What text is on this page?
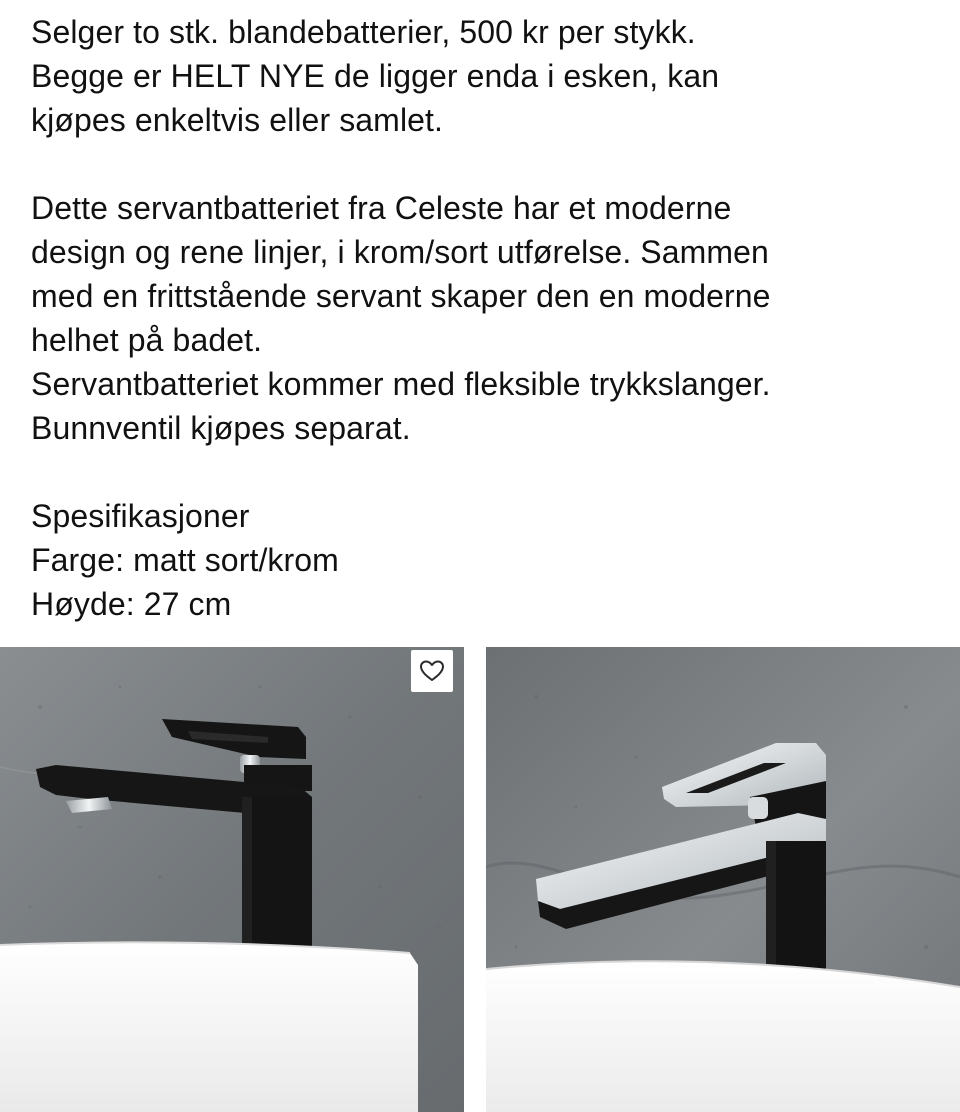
Selger to stk. blandebatterier, 500 kr per stykk.
Begge er HELT NYE de ligger enda i esken, kan
kjøpes enkeltvis eller samlet.
Dette servantbatteriet fra Celeste har et moderne
design og rene linjer, i krom/sort utførelse. Sammen
med en frittstående servant skaper den en moderne
helhet på badet.
Servantbatteriet kommer med fleksible trykkslanger.
Bunnventil kjøpes separat.
Spesifikasjoner
Farge: matt sort/krom
Høyde: 27 cm
